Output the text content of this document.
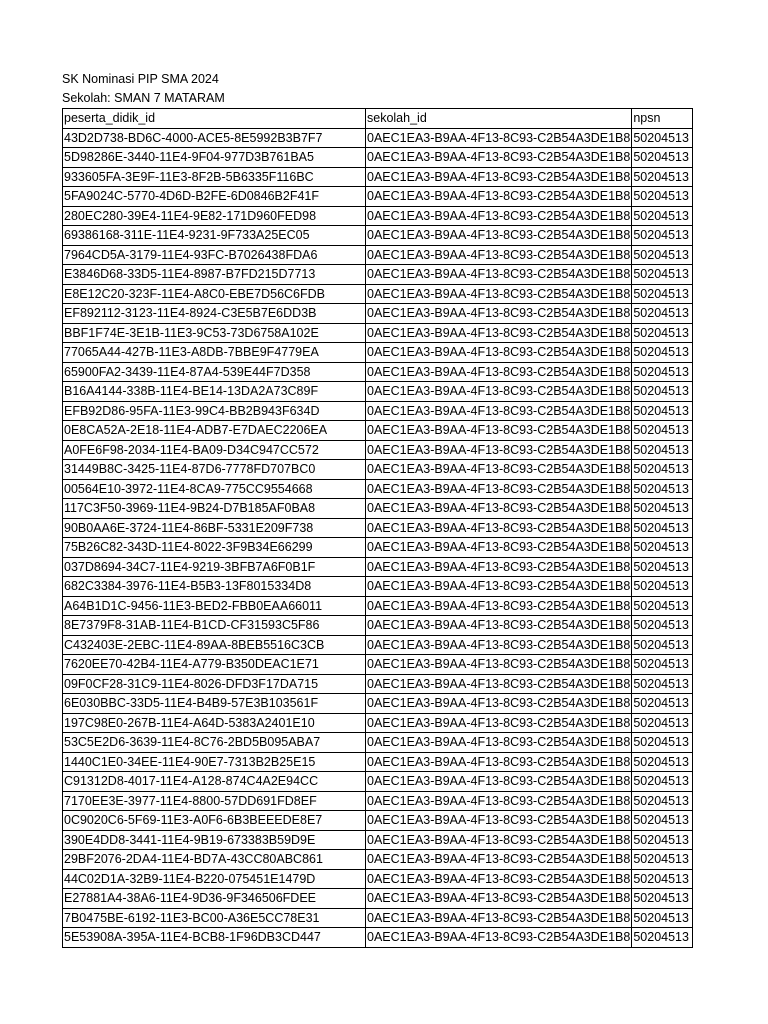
SK Nominasi PIP SMA 2024
Sekolah: SMAN 7 MATARAM
peserta_didik_id	sekolah_id	npsn
43D2D738-BD6C-4000-ACE5-8E5992B3B7F7	0AEC1EA3-B9AA-4F13-8C93-C2B54A3DE1B8	50204513
5D98286E-3440-11E4-9F04-977D3B761BA5	0AEC1EA3-B9AA-4F13-8C93-C2B54A3DE1B8	50204513
933605FA-3E9F-11E3-8F2B-5B6335F116BC	0AEC1EA3-B9AA-4F13-8C93-C2B54A3DE1B8	50204513
5FA9024C-5770-4D6D-B2FE-6D0846B2F41F	0AEC1EA3-B9AA-4F13-8C93-C2B54A3DE1B8	50204513
280EC280-39E4-11E4-9E82-171D960FED98	0AEC1EA3-B9AA-4F13-8C93-C2B54A3DE1B8	50204513
69386168-311E-11E4-9231-9F733A25EC05	0AEC1EA3-B9AA-4F13-8C93-C2B54A3DE1B8	50204513
7964CD5A-3179-11E4-93FC-B7026438FDA6	0AEC1EA3-B9AA-4F13-8C93-C2B54A3DE1B8	50204513
E3846D68-33D5-11E4-8987-B7FD215D7713	0AEC1EA3-B9AA-4F13-8C93-C2B54A3DE1B8	50204513
E8E12C20-323F-11E4-A8C0-EBE7D56C6FDB	0AEC1EA3-B9AA-4F13-8C93-C2B54A3DE1B8	50204513
EF892112-3123-11E4-8924-C3E5B7E6DD3B	0AEC1EA3-B9AA-4F13-8C93-C2B54A3DE1B8	50204513
BBF1F74E-3E1B-11E3-9C53-73D6758A102E	0AEC1EA3-B9AA-4F13-8C93-C2B54A3DE1B8	50204513
77065A44-427B-11E3-A8DB-7BBE9F4779EA	0AEC1EA3-B9AA-4F13-8C93-C2B54A3DE1B8	50204513
65900FA2-3439-11E4-87A4-539E44F7D358	0AEC1EA3-B9AA-4F13-8C93-C2B54A3DE1B8	50204513
B16A4144-338B-11E4-BE14-13DA2A73C89F	0AEC1EA3-B9AA-4F13-8C93-C2B54A3DE1B8	50204513
EFB92D86-95FA-11E3-99C4-BB2B943F634D	0AEC1EA3-B9AA-4F13-8C93-C2B54A3DE1B8	50204513
0E8CA52A-2E18-11E4-ADB7-E7DAEC2206EA	0AEC1EA3-B9AA-4F13-8C93-C2B54A3DE1B8	50204513
A0FE6F98-2034-11E4-BA09-D34C947CC572	0AEC1EA3-B9AA-4F13-8C93-C2B54A3DE1B8	50204513
31449B8C-3425-11E4-87D6-7778FD707BC0	0AEC1EA3-B9AA-4F13-8C93-C2B54A3DE1B8	50204513
00564E10-3972-11E4-8CA9-775CC9554668	0AEC1EA3-B9AA-4F13-8C93-C2B54A3DE1B8	50204513
117C3F50-3969-11E4-9B24-D7B185AF0BA8	0AEC1EA3-B9AA-4F13-8C93-C2B54A3DE1B8	50204513
90B0AA6E-3724-11E4-86BF-5331E209F738	0AEC1EA3-B9AA-4F13-8C93-C2B54A3DE1B8	50204513
75B26C82-343D-11E4-8022-3F9B34E66299	0AEC1EA3-B9AA-4F13-8C93-C2B54A3DE1B8	50204513
037D8694-34C7-11E4-9219-3BFB7A6F0B1F	0AEC1EA3-B9AA-4F13-8C93-C2B54A3DE1B8	50204513
682C3384-3976-11E4-B5B3-13F8015334D8	0AEC1EA3-B9AA-4F13-8C93-C2B54A3DE1B8	50204513
A64B1D1C-9456-11E3-BED2-FBB0EAA66011	0AEC1EA3-B9AA-4F13-8C93-C2B54A3DE1B8	50204513
8E7379F8-31AB-11E4-B1CD-CF31593C5F86	0AEC1EA3-B9AA-4F13-8C93-C2B54A3DE1B8	50204513
C432403E-2EBC-11E4-89AA-8BEB5516C3CB	0AEC1EA3-B9AA-4F13-8C93-C2B54A3DE1B8	50204513
7620EE70-42B4-11E4-A779-B350DEAC1E71	0AEC1EA3-B9AA-4F13-8C93-C2B54A3DE1B8	50204513
09F0CF28-31C9-11E4-8026-DFD3F17DA715	0AEC1EA3-B9AA-4F13-8C93-C2B54A3DE1B8	50204513
6E030BBC-33D5-11E4-B4B9-57E3B103561F	0AEC1EA3-B9AA-4F13-8C93-C2B54A3DE1B8	50204513
197C98E0-267B-11E4-A64D-5383A2401E10	0AEC1EA3-B9AA-4F13-8C93-C2B54A3DE1B8	50204513
53C5E2D6-3639-11E4-8C76-2BD5B095ABA7	0AEC1EA3-B9AA-4F13-8C93-C2B54A3DE1B8	50204513
1440C1E0-34EE-11E4-90E7-7313B2B25E15	0AEC1EA3-B9AA-4F13-8C93-C2B54A3DE1B8	50204513
C91312D8-4017-11E4-A128-874C4A2E94CC	0AEC1EA3-B9AA-4F13-8C93-C2B54A3DE1B8	50204513
7170EE3E-3977-11E4-8800-57DD691FD8EF	0AEC1EA3-B9AA-4F13-8C93-C2B54A3DE1B8	50204513
0C9020C6-5F69-11E3-A0F6-6B3BEEEDE8E7	0AEC1EA3-B9AA-4F13-8C93-C2B54A3DE1B8	50204513
390E4DD8-3441-11E4-9B19-673383B59D9E	0AEC1EA3-B9AA-4F13-8C93-C2B54A3DE1B8	50204513
29BF2076-2DA4-11E4-BD7A-43CC80ABC861	0AEC1EA3-B9AA-4F13-8C93-C2B54A3DE1B8	50204513
44C02D1A-32B9-11E4-B220-075451E1479D	0AEC1EA3-B9AA-4F13-8C93-C2B54A3DE1B8	50204513
E27881A4-38A6-11E4-9D36-9F346506FDEE	0AEC1EA3-B9AA-4F13-8C93-C2B54A3DE1B8	50204513
7B0475BE-6192-11E3-BC00-A36E5CC78E31	0AEC1EA3-B9AA-4F13-8C93-C2B54A3DE1B8	50204513
5E53908A-395A-11E4-BCB8-1F96DB3CD447	0AEC1EA3-B9AA-4F13-8C93-C2B54A3DE1B8	50204513
